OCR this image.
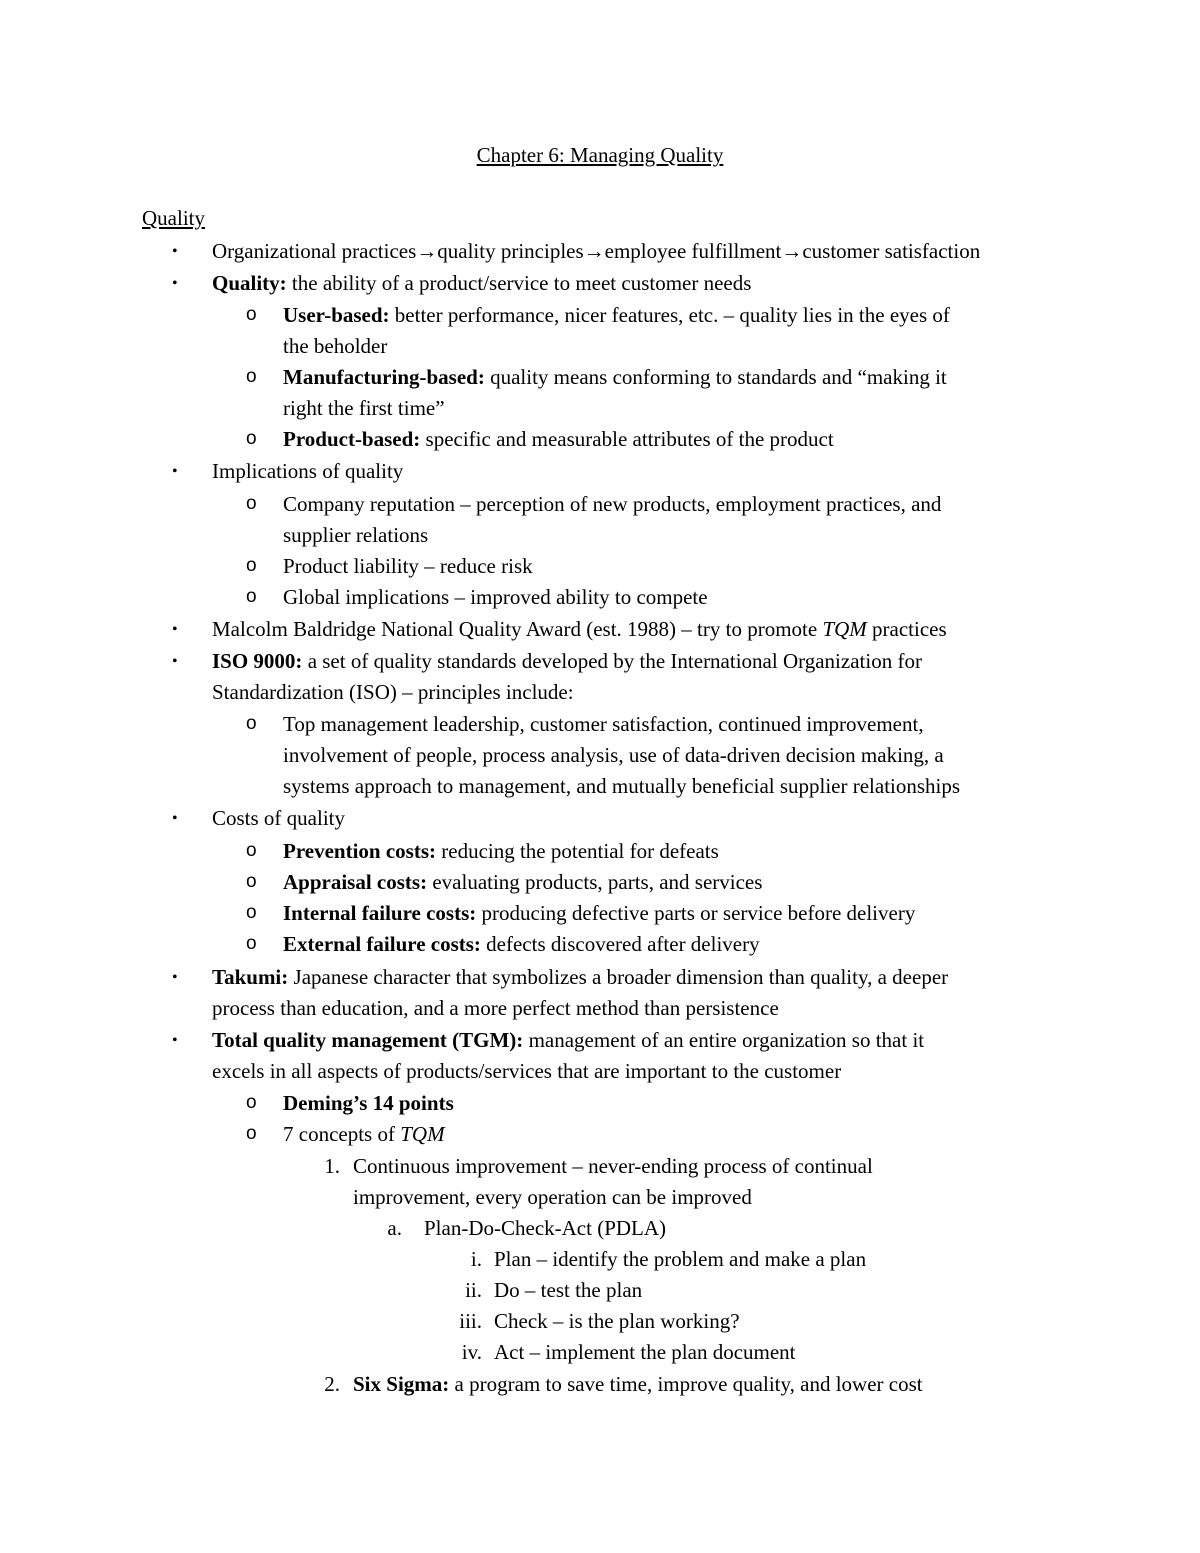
Chapter 6: Managing Quality
Quality
• Organizational practices→quality principles→employee fulfillment→customer satisfaction
• Quality: the ability of a product/service to meet customer needs
o User-based: better performance, nicer features, etc. – quality lies in the eyes of
the beholder
o Manufacturing-based: quality means conforming to standards and “making it
right the first time”
o Product-based: specific and measurable attributes of the product
• Implications of quality
o Company reputation – perception of new products, employment practices, and
supplier relations
o Product liability – reduce risk
o Global implications – improved ability to compete
• Malcolm Baldridge National Quality Award (est. 1988) – try to promote TQM practices
• ISO 9000: a set of quality standards developed by the International Organization for
Standardization (ISO) – principles include:
o Top management leadership, customer satisfaction, continued improvement,
involvement of people, process analysis, use of data-driven decision making, a
systems approach to management, and mutually beneficial supplier relationships
• Costs of quality
o Prevention costs: reducing the potential for defeats
o Appraisal costs: evaluating products, parts, and services
o Internal failure costs: producing defective parts or service before delivery
o External failure costs: defects discovered after delivery
• Takumi: Japanese character that symbolizes a broader dimension than quality, a deeper
process than education, and a more perfect method than persistence
• Total quality management (TGM): management of an entire organization so that it
excels in all aspects of products/services that are important to the customer
o Deming’s 14 points
o 7 concepts of TQM
1. Continuous improvement – never-ending process of continual
improvement, every operation can be improved
a. Plan-Do-Check-Act (PDLA)
i. Plan – identify the problem and make a plan
ii. Do – test the plan
iii. Check – is the plan working?
iv. Act – implement the plan document
2. Six Sigma: a program to save time, improve quality, and lower cost
